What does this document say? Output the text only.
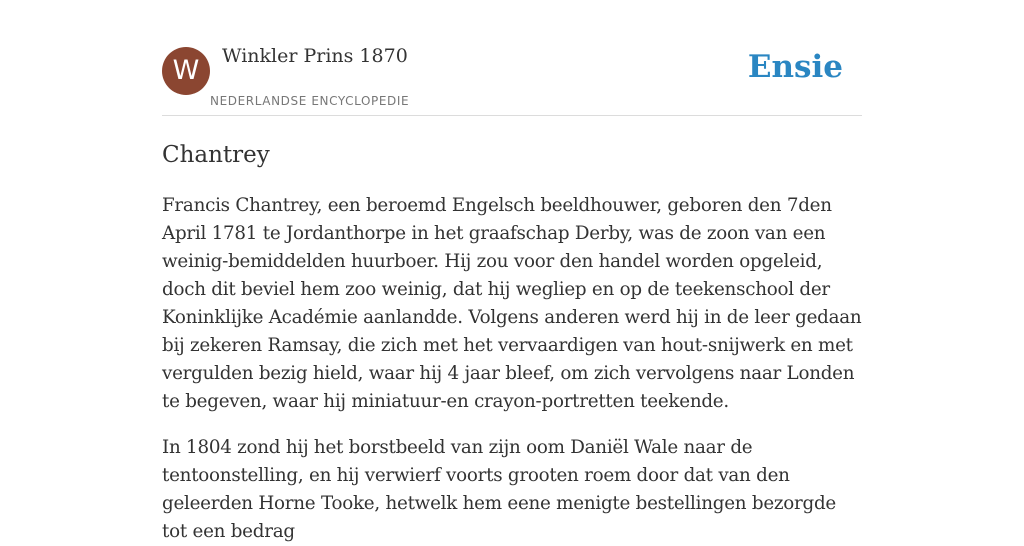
W	Winkler Prins 1870
NEDERLANDSE ENCYCLOPEDIE
Ensie
Chantrey

Francis Chantrey, een beroemd Engelsch beeldhouwer, geboren den 7den April 1781 te Jordanthorpe in het graafschap Derby, was de zoon van een weinig-bemiddelden huurboer. Hij zou voor den handel worden opgeleid, doch dit beviel hem zoo weinig, dat hij wegliep en op de teekenschool der Koninklijke Académie aanlandde. Volgens anderen werd hij in de leer gedaan bij zekeren Ramsay, die zich met het vervaardigen van hout-snijwerk en met vergulden bezig hield, waar hij 4 jaar bleef, om zich vervolgens naar Londen te begeven, waar hij miniatuur-en crayon-portretten teekende.

In 1804 zond hij het borstbeeld van zijn oom Daniël Wale naar de tentoonstelling, en hij verwierf voorts grooten roem door dat van den geleerden Horne Tooke, hetwelk hem eene menigte bestellingen bezorgde tot een bedrag
